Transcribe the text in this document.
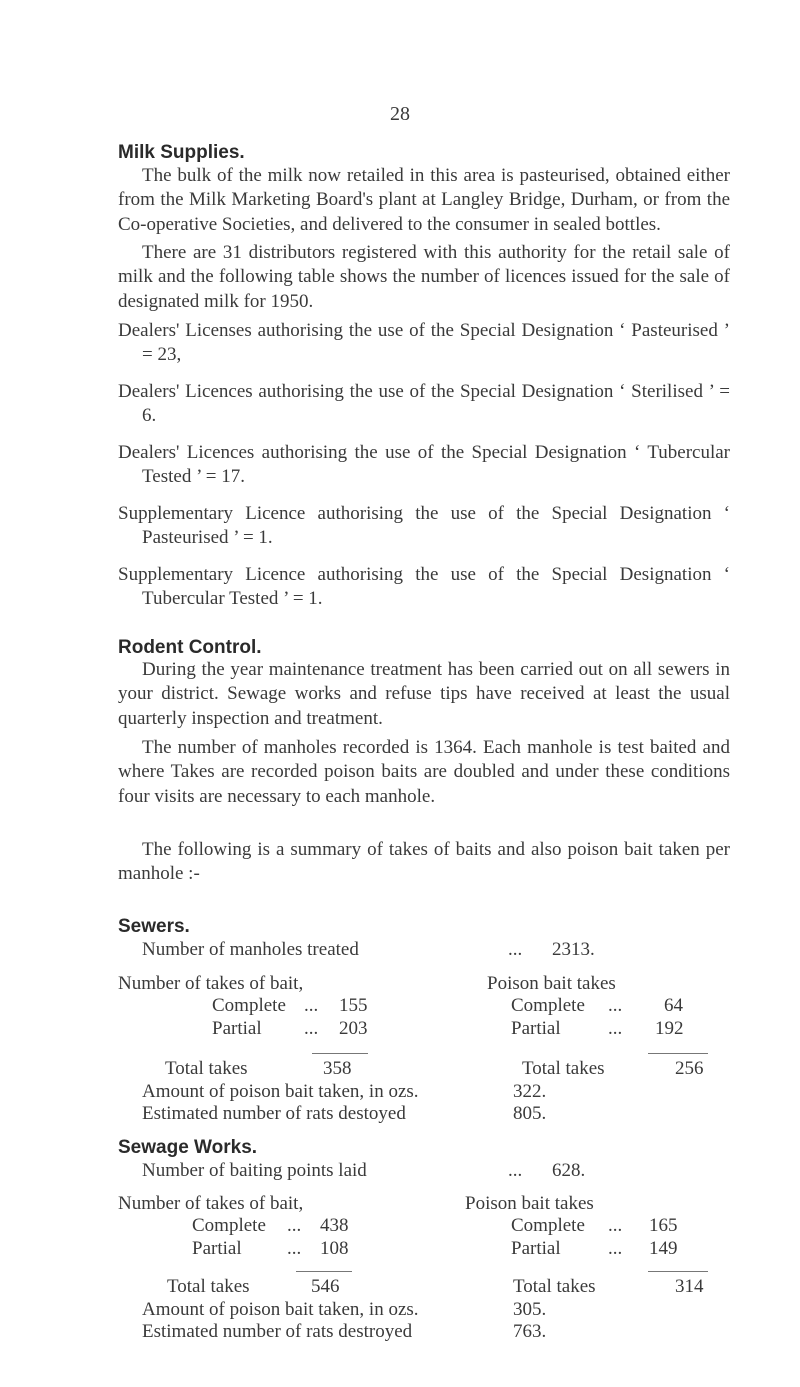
28
Milk Supplies.

The bulk of the milk now retailed in this area is pasteurised, obtained either from the Milk Marketing Board's plant at Langley Bridge, Durham, or from the Co-operative Societies, and delivered to the consumer in sealed bottles.

There are 31 distributors registered with this authority for the retail sale of milk and the following table shows the number of licences issued for the sale of designated milk for 1950.

Dealers' Licenses authorising the use of the Special Designation ‘ Pasteurised ’ = 23,

Dealers' Licences authorising the use of the Special Designation ‘ Sterilised ’ = 6.

Dealers' Licences authorising the use of the Special Designation ‘ Tubercular Tested ’ = 17.

Supplementary Licence authorising the use of the Special Designation ‘ Pasteurised ’ = 1.

Supplementary Licence authorising the use of the Special Designation ‘ Tubercular Tested ’ = 1.

Rodent Control.

During the year maintenance treatment has been carried out on all sewers in your district. Sewage works and refuse tips have received at least the usual quarterly inspection and treatment.

The number of manholes recorded is 1364. Each manhole is test baited and where Takes are recorded poison baits are doubled and under these conditions four visits are necessary to each manhole.

The following is a summary of takes of baits and also poison bait taken per manhole :-

Sewers.
Number of manholes treated	... 2313.
Number of takes of bait,	Poison bait takes
Complete ... 155	Complete ... 64
Partial ... 203	Partial ... 192
Total takes	358	Total takes	256
Amount of poison bait taken, in ozs.	322.
Estimated number of rats destoyed	805.
Sewage Works.
Number of baiting points laid	... 628.
Number of takes of bait,	Poison bait takes
Complete ... 438	Complete ... 165
Partial ... 108	Partial ... 149
Total takes	546	Total takes	314
Amount of poison bait taken, in ozs.	305.
Estimated number of rats destroyed	763.
